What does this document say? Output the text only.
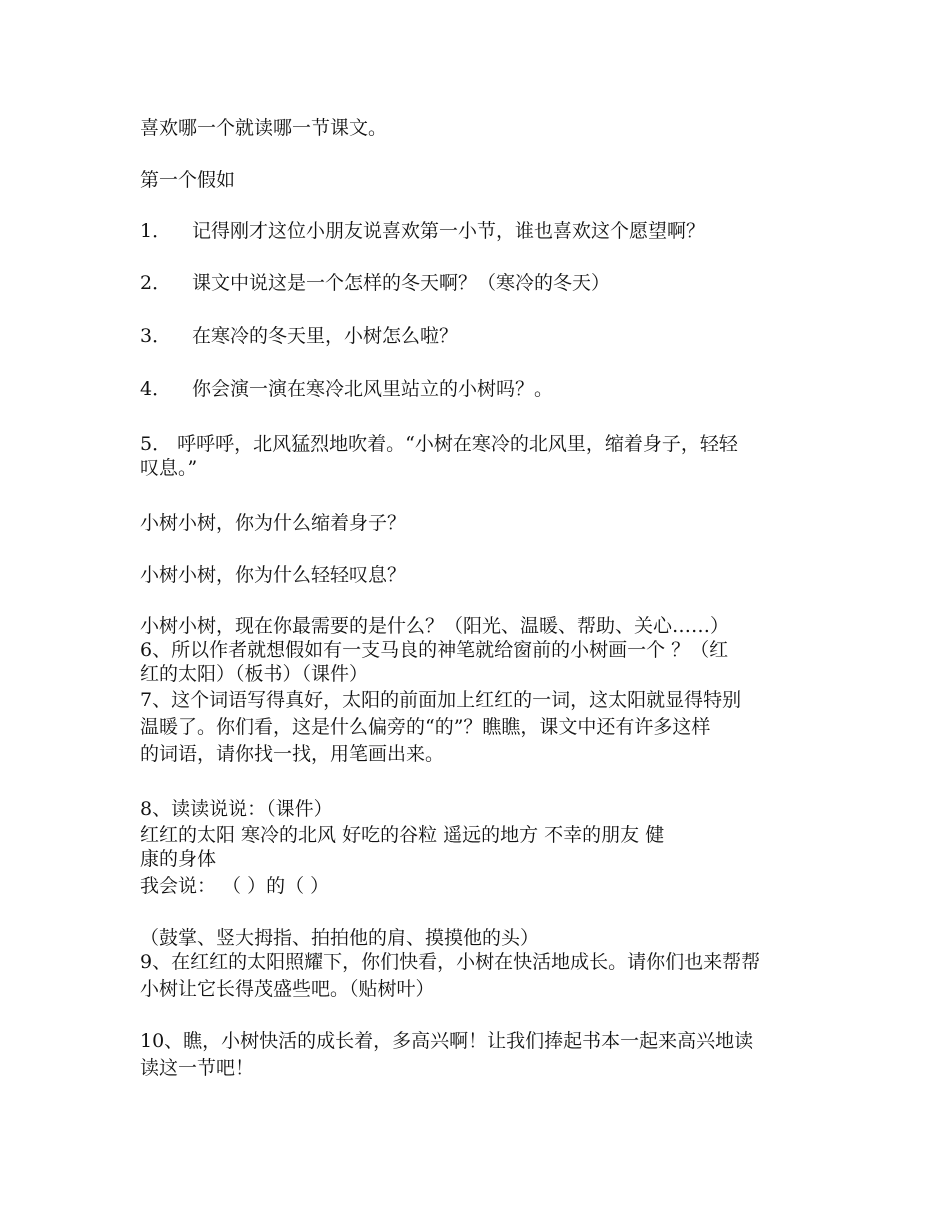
喜欢哪一个就读哪一节课文。
第一个假如
1． 记得刚才这位小朋友说喜欢第一小节，谁也喜欢这个愿望啊？
2． 课文中说这是一个怎样的冬天啊？（寒冷的冬天）
3． 在寒冷的冬天里，小树怎么啦？
4． 你会演一演在寒冷北风里站立的小树吗？。
5． 呼呼呼，北风猛烈地吹着。“小树在寒冷的北风里，缩着身子，轻轻
叹息。”
小树小树，你为什么缩着身子？
小树小树，你为什么轻轻叹息？
小树小树，现在你最需要的是什么？（阳光、温暖、帮助、关心……）
6、所以作者就想假如有一支马良的神笔就给窗前的小树画一个 ？（红
红的太阳）（板书）（课件）
7、这个词语写得真好，太阳的前面加上红红的一词，这太阳就显得特别
温暖了。你们看，这是什么偏旁的“的”？瞧瞧，课文中还有许多这样
的词语，请你找一找，用笔画出来。
8、读读说说：（课件）
红红的太阳 寒冷的北风 好吃的谷粒 遥远的地方 不幸的朋友 健
康的身体
我会说： （ ）的（ ）
（鼓掌、竖大拇指、拍拍他的肩、摸摸他的头）
9、在红红的太阳照耀下，你们快看，小树在快活地成长。请你们也来帮帮
小树让它长得茂盛些吧。（贴树叶）
10、瞧，小树快活的成长着，多高兴啊！让我们捧起书本一起来高兴地读
读这一节吧！
